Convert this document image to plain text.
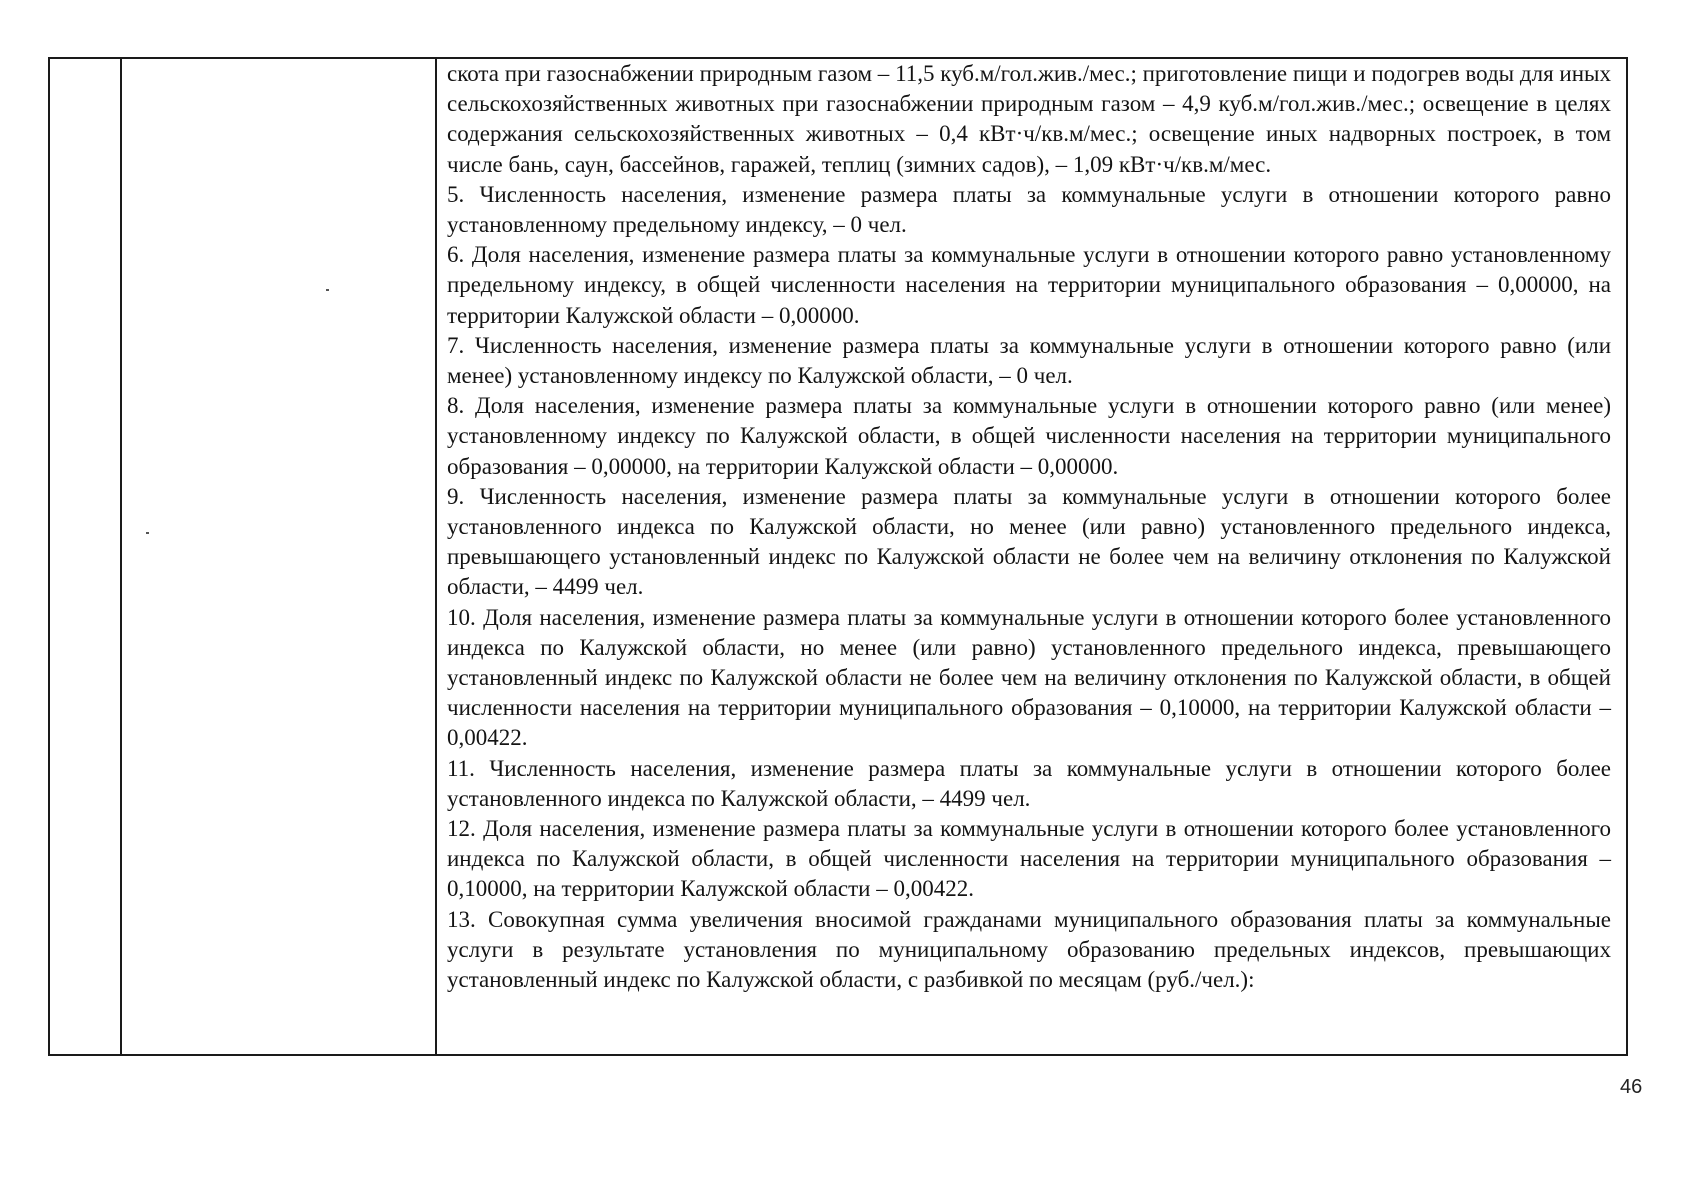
скота при газоснабжении природным газом – 11,5 куб.м/гол.жив./мес.; приготовление пищи и подогрев воды для иных сельскохозяйственных животных при газоснабжении природным газом – 4,9 куб.м/гол.жив./мес.; освещение в целях содержания сельскохозяйственных животных – 0,4 кВт·ч/кв.м/мес.; освещение иных надворных построек, в том числе бань, саун, бассейнов, гаражей, теплиц (зимних садов), – 1,09 кВт·ч/кв.м/мес.

5. Численность населения, изменение размера платы за коммунальные услуги в отношении которого равно установленному предельному индексу, – 0 чел.

6. Доля населения, изменение размера платы за коммунальные услуги в отношении которого равно установленному предельному индексу, в общей численности населения на территории муниципального образования – 0,00000, на территории Калужской области – 0,00000.

7. Численность населения, изменение размера платы за коммунальные услуги в отношении которого равно (или менее) установленному индексу по Калужской области, – 0 чел.

8. Доля населения, изменение размера платы за коммунальные услуги в отношении которого равно (или менее) установленному индексу по Калужской области, в общей численности населения на территории муниципального образования – 0,00000, на территории Калужской области – 0,00000.

9. Численность населения, изменение размера платы за коммунальные услуги в отношении которого более установленного индекса по Калужской области, но менее (или равно) установленного предельного индекса, превышающего установленный индекс по Калужской области не более чем на величину отклонения по Калужской области, – 4499 чел.

10. Доля населения, изменение размера платы за коммунальные услуги в отношении которого более установленного индекса по Калужской области, но менее (или равно) установленного предельного индекса, превышающего установленный индекс по Калужской области не более чем на величину отклонения по Калужской области, в общей численности населения на территории муниципального образования – 0,10000, на территории Калужской области – 0,00422.

11. Численность населения, изменение размера платы за коммунальные услуги в отношении которого более установленного индекса по Калужской области, – 4499 чел.

12. Доля населения, изменение размера платы за коммунальные услуги в отношении которого более установленного индекса по Калужской области, в общей численности населения на территории муниципального образования – 0,10000, на территории Калужской области – 0,00422.

13. Совокупная сумма увеличения вносимой гражданами муниципального образования платы за коммунальные услуги в результате установления по муниципальному образованию предельных индексов, превышающих установленный индекс по Калужской области, с разбивкой по месяцам (руб./чел.):

46
